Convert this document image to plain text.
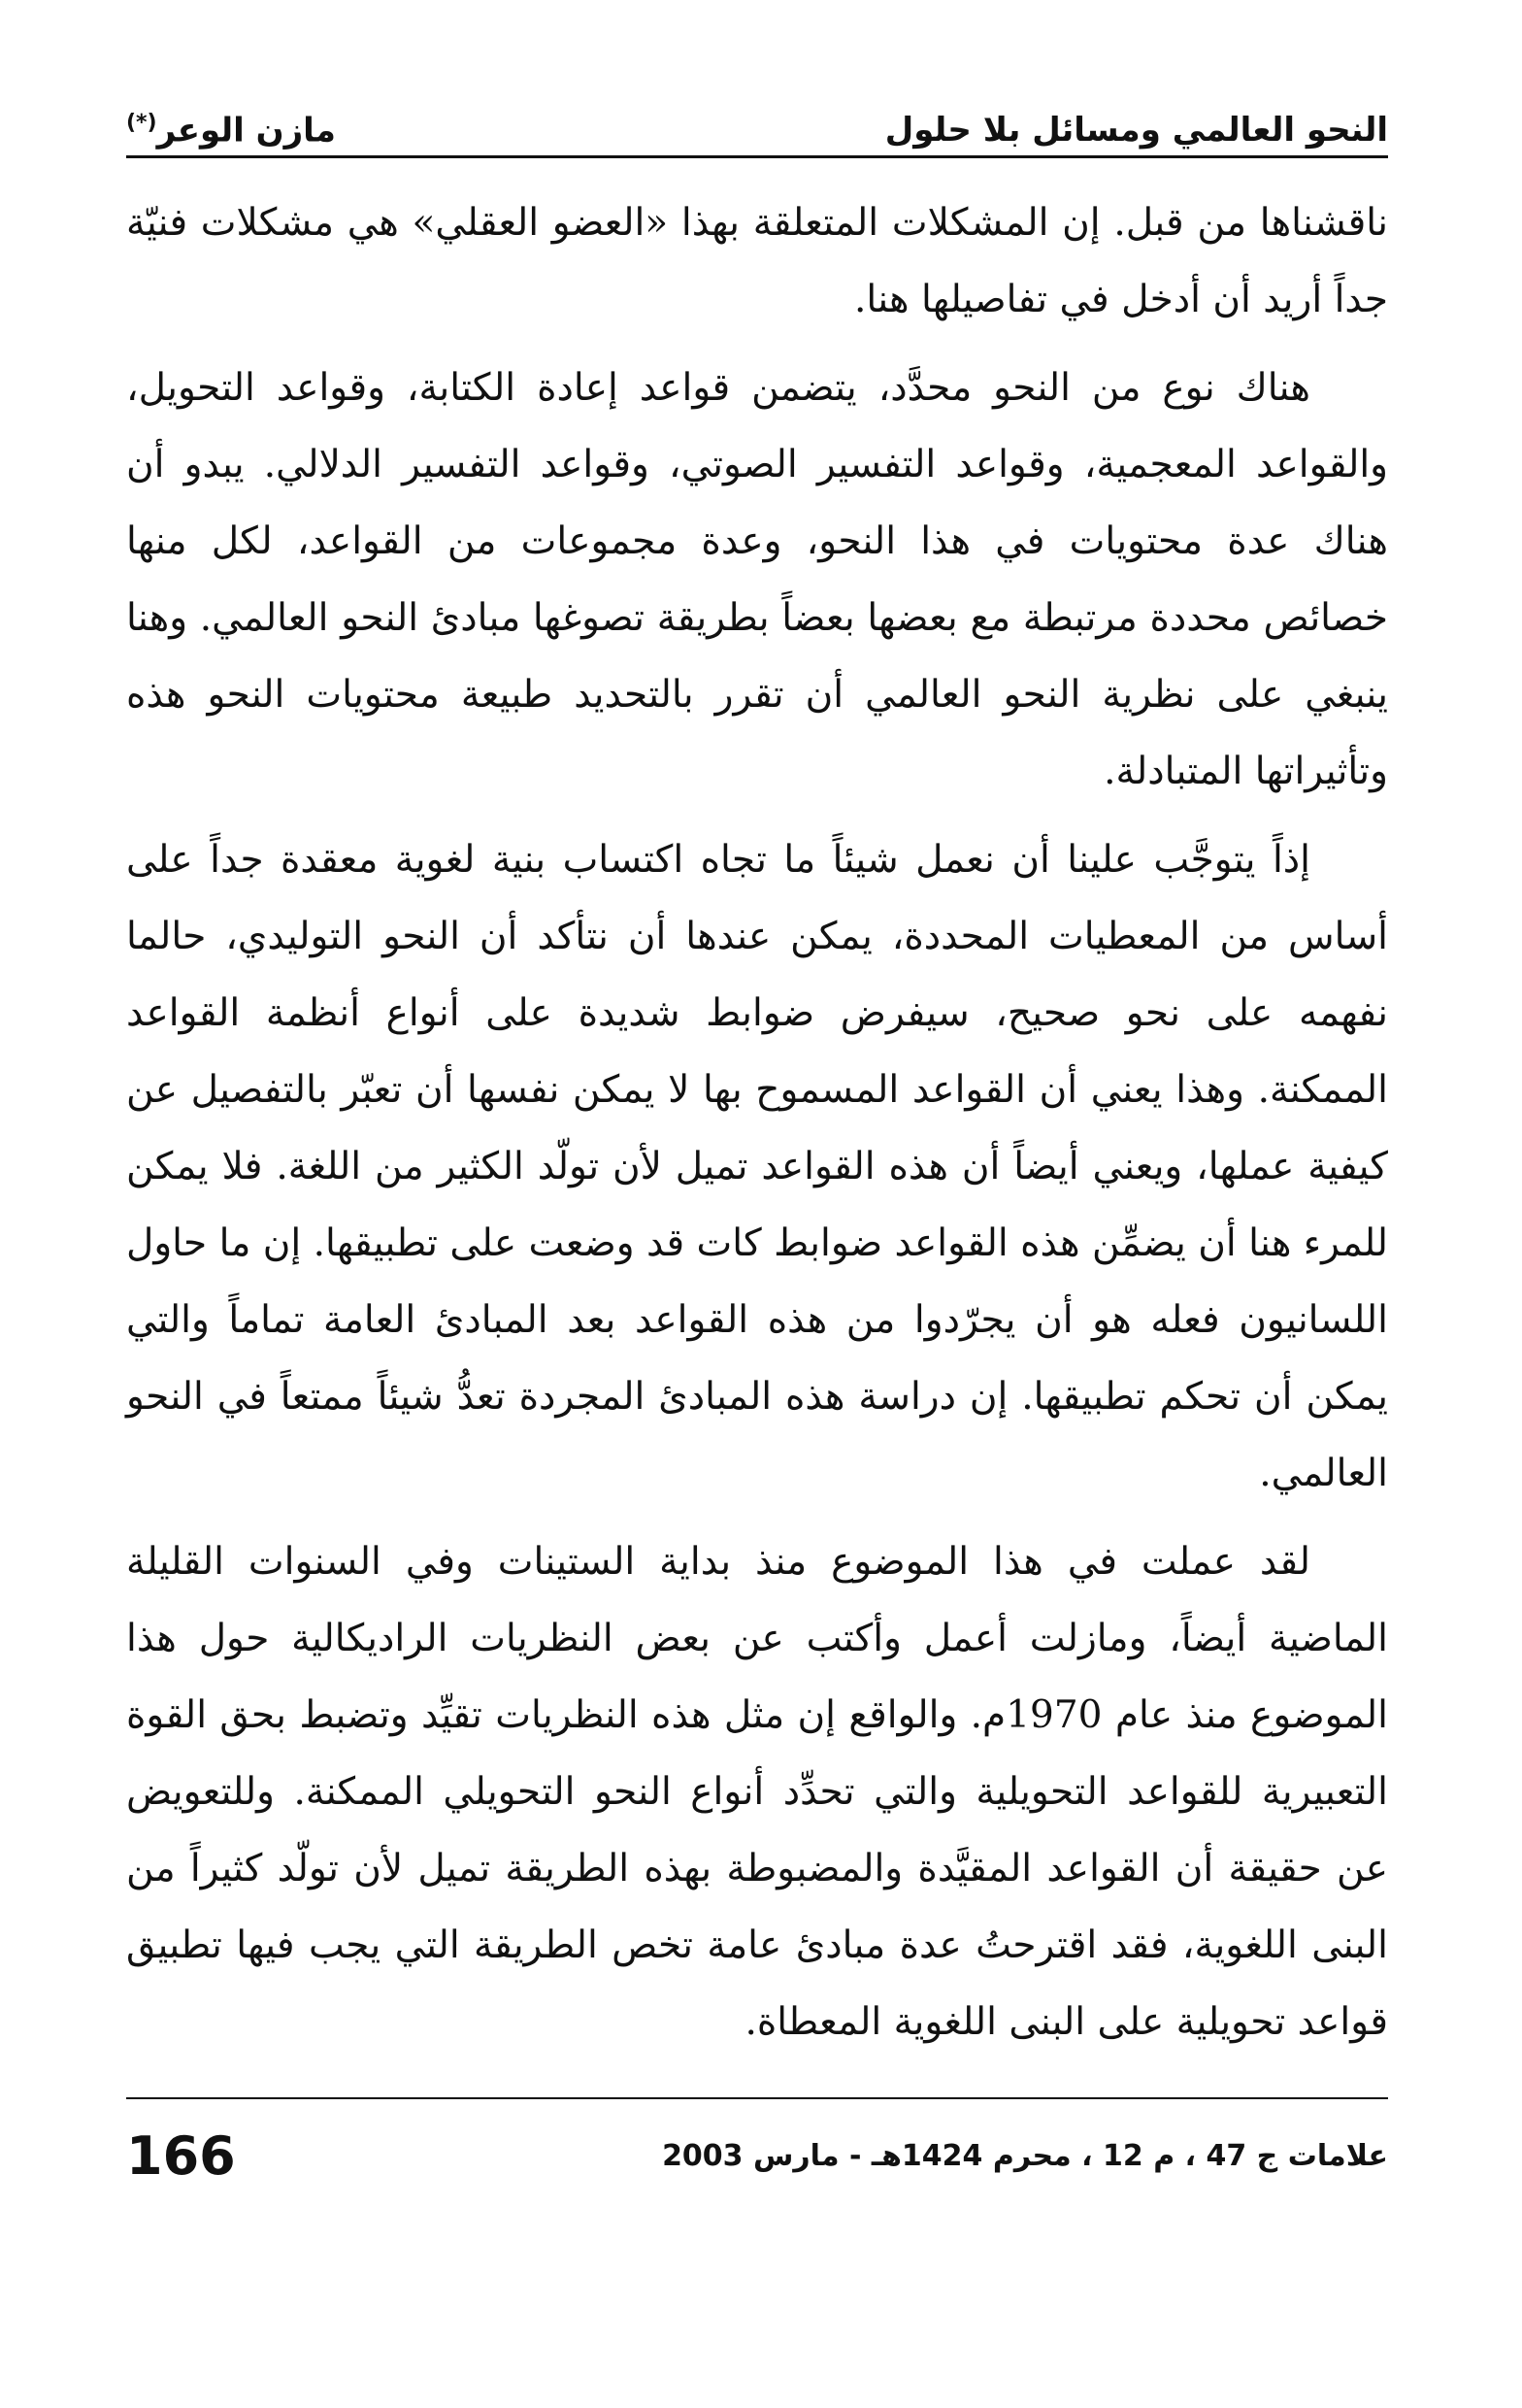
النحو العالمي ومسائل بلا حلول
مازن الوعر(*)

ناقشناها من قبل. إن المشكلات المتعلقة بهذا «العضو العقلي» هي مشكلات فنيّة جداً أريد أن أدخل في تفاصيلها هنا.

هناك نوع من النحو محدَّد، يتضمن قواعد إعادة الكتابة، وقواعد التحويل، والقواعد المعجمية، وقواعد التفسير الصوتي، وقواعد التفسير الدلالي. يبدو أن هناك عدة محتويات في هذا النحو، وعدة مجموعات من القواعد، لكل منها خصائص محددة مرتبطة مع بعضها بعضاً بطريقة تصوغها مبادئ النحو العالمي. وهنا ينبغي على نظرية النحو العالمي أن تقرر بالتحديد طبيعة محتويات النحو هذه وتأثيراتها المتبادلة.

إذاً يتوجَّب علينا أن نعمل شيئاً ما تجاه اكتساب بنية لغوية معقدة جداً على أساس من المعطيات المحددة، يمكن عندها أن نتأكد أن النحو التوليدي، حالما نفهمه على نحو صحيح، سيفرض ضوابط شديدة على أنواع أنظمة القواعد الممكنة. وهذا يعني أن القواعد المسموح بها لا يمكن نفسها أن تعبّر بالتفصيل عن كيفية عملها، ويعني أيضاً أن هذه القواعد تميل لأن تولّد الكثير من اللغة. فلا يمكن للمرء هنا أن يضمِّن هذه القواعد ضوابط كات قد وضعت على تطبيقها. إن ما حاول اللسانيون فعله هو أن يجرّدوا من هذه القواعد بعد المبادئ العامة تماماً والتي يمكن أن تحكم تطبيقها. إن دراسة هذه المبادئ المجردة تعدُّ شيئاً ممتعاً في النحو العالمي.

لقد عملت في هذا الموضوع منذ بداية الستينات وفي السنوات القليلة الماضية أيضاً، ومازلت أعمل وأكتب عن بعض النظريات الراديكالية حول هذا الموضوع منذ عام 1970م. والواقع إن مثل هذه النظريات تقيِّد وتضبط بحق القوة التعبيرية للقواعد التحويلية والتي تحدِّد أنواع النحو التحويلي الممكنة. وللتعويض عن حقيقة أن القواعد المقيَّدة والمضبوطة بهذه الطريقة تميل لأن تولّد كثيراً من البنى اللغوية، فقد اقترحتُ عدة مبادئ عامة تخص الطريقة التي يجب فيها تطبيق قواعد تحويلية على البنى اللغوية المعطاة.

علامات ج 47 ، م 12 ، محرم 1424هـ - مارس 2003
166
